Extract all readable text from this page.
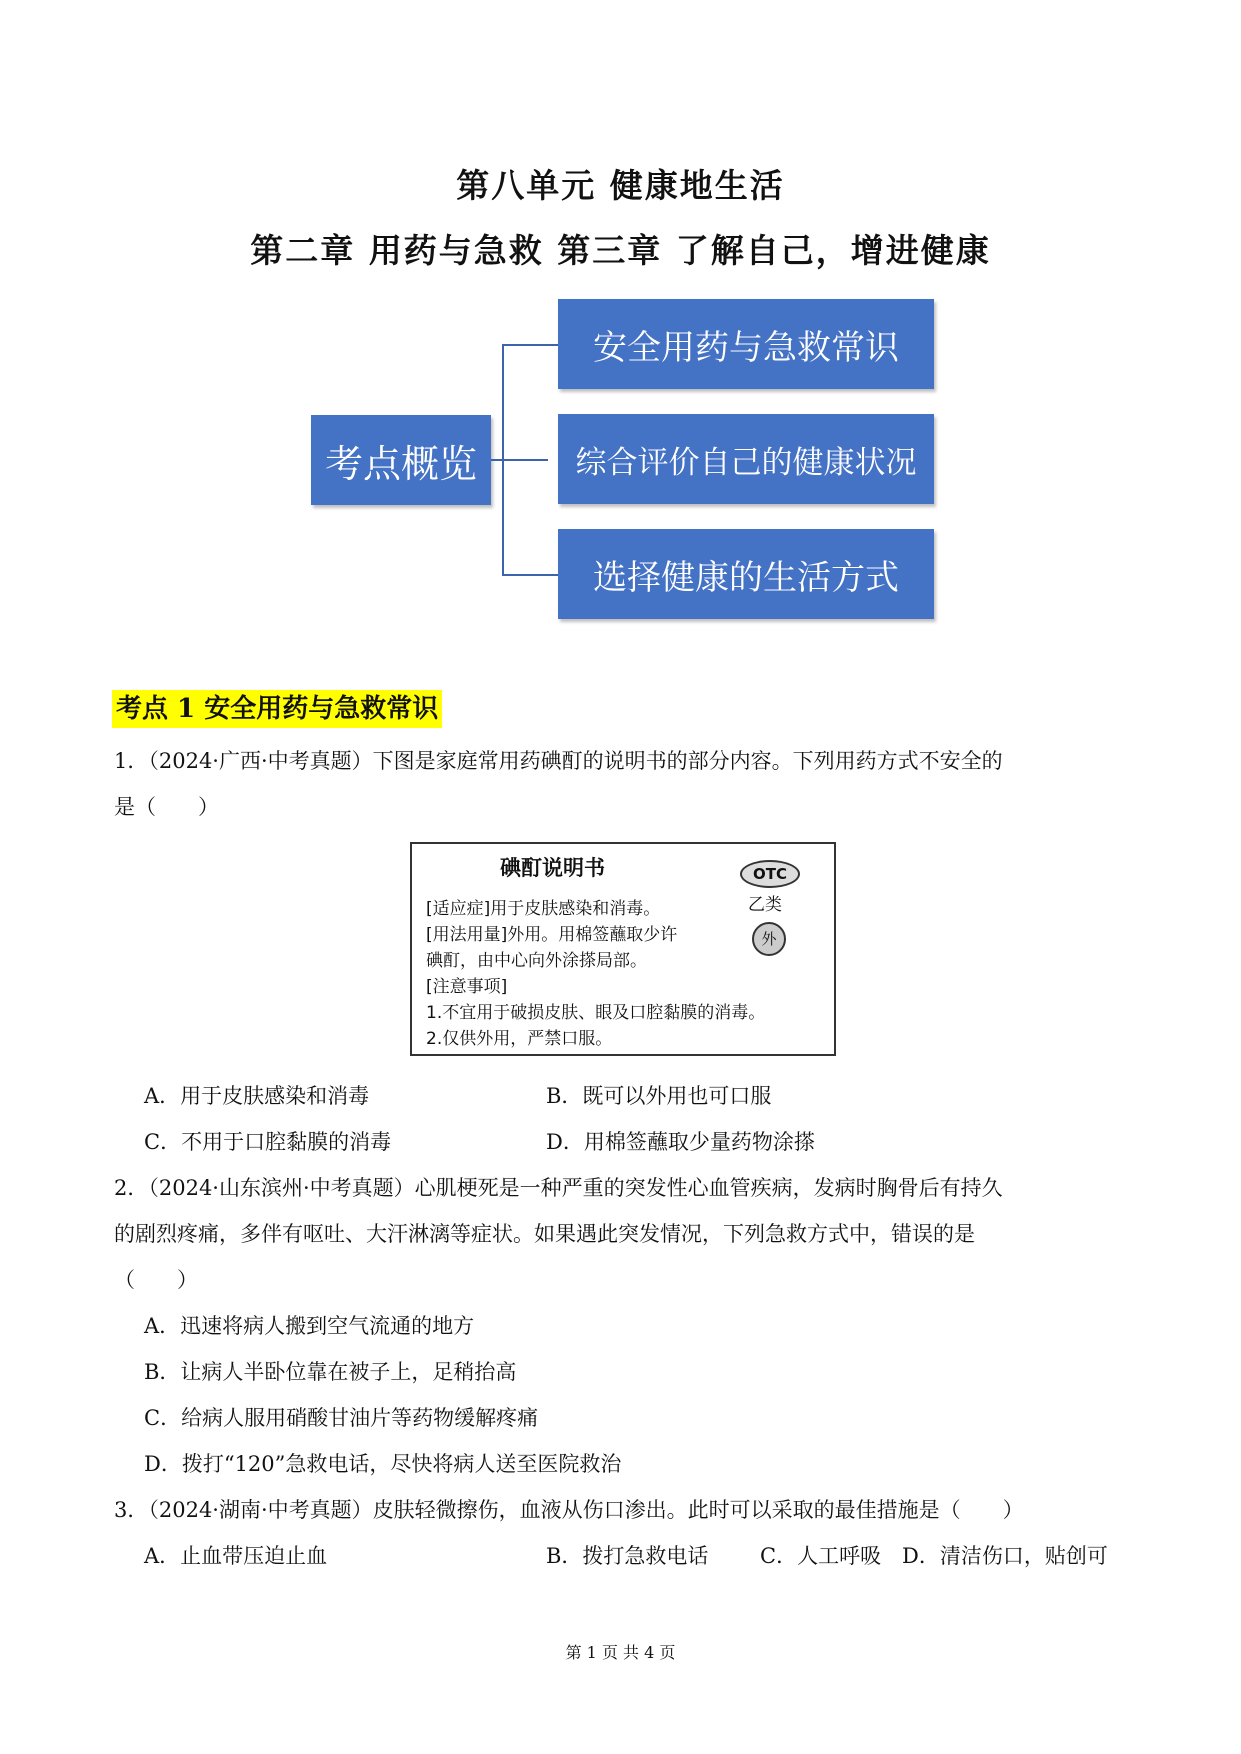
第八单元 健康地生活
第二章 用药与急救 第三章 了解自己，增进健康
考点概览
安全用药与急救常识
综合评价自己的健康状况
选择健康的生活方式
考点 1 安全用药与急救常识
1．（2024·广西·中考真题）下图是家庭常用药碘酊的说明书的部分内容。下列用药方式不安全的
是（　　）
碘酊说明书	OTC
乙类
外
[适应症]用于皮肤感染和消毒。
[用法用量]外用。用棉签蘸取少许
碘酊，由中心向外涂搽局部。
[注意事项]
1.不宜用于破损皮肤、眼及口腔黏膜的消毒。
2.仅供外用，严禁口服。
A．用于皮肤感染和消毒	B．既可以外用也可口服
C．不用于口腔黏膜的消毒	D．用棉签蘸取少量药物涂搽
2．（2024·山东滨州·中考真题）心肌梗死是一种严重的突发性心血管疾病，发病时胸骨后有持久
的剧烈疼痛，多伴有呕吐、大汗淋漓等症状。如果遇此突发情况，下列急救方式中，错误的是
（　　）
A．迅速将病人搬到空气流通的地方
B．让病人半卧位靠在被子上，足稍抬高
C．给病人服用硝酸甘油片等药物缓解疼痛
D．拨打“120”急救电话，尽快将病人送至医院救治
3．（2024·湖南·中考真题）皮肤轻微擦伤，血液从伤口渗出。此时可以采取的最佳措施是（　　）
A．止血带压迫止血	B．拨打急救电话 C．人工呼吸 D．清洁伤口，贴创可
第 1 页 共 4 页
